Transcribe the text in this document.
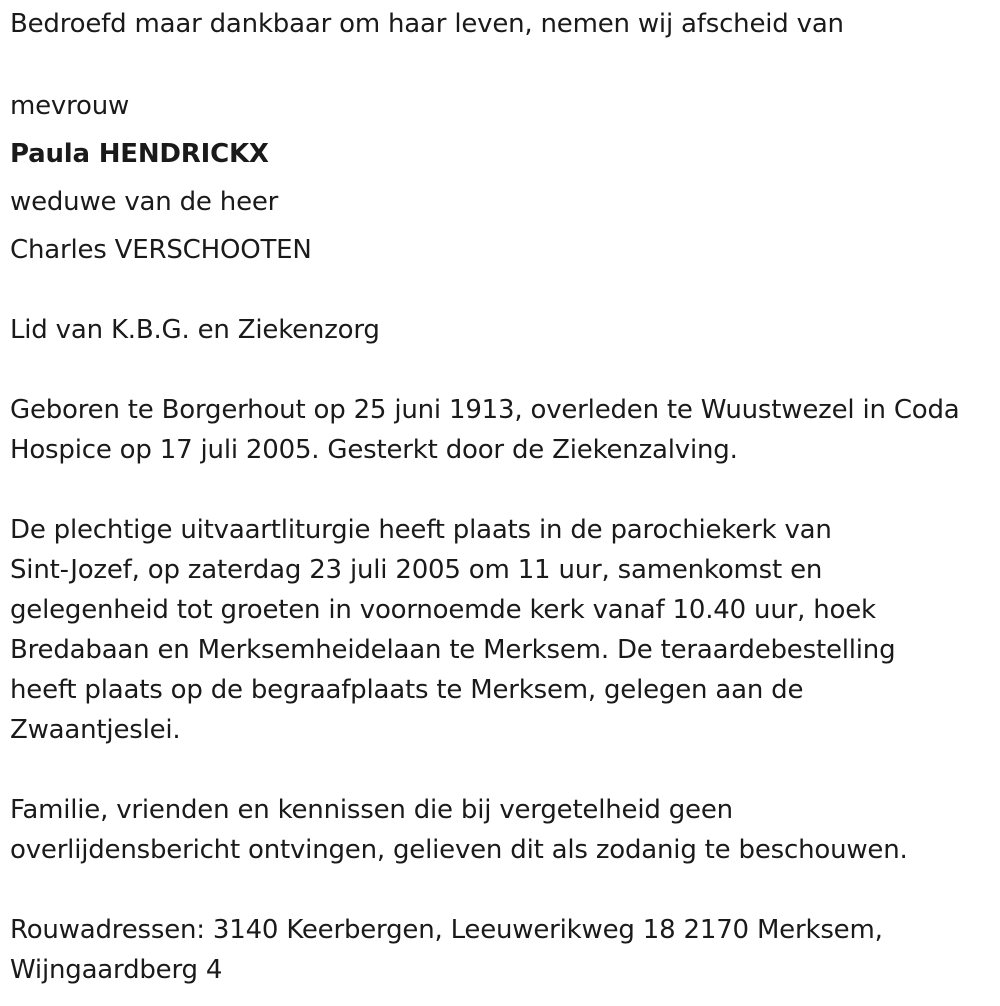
Bedroefd maar dankbaar om haar leven, nemen wij afscheid van
mevrouw
Paula HENDRICKX
weduwe van de heer
Charles VERSCHOOTEN
Lid van K.B.G. en Ziekenzorg
Geboren te Borgerhout op 25 juni 1913, overleden te Wuustwezel in Coda
Hospice op 17 juli 2005. Gesterkt door de Ziekenzalving.
De plechtige uitvaartliturgie heeft plaats in de parochiekerk van
Sint-Jozef, op zaterdag 23 juli 2005 om 11 uur, samenkomst en
gelegenheid tot groeten in voornoemde kerk vanaf 10.40 uur, hoek
Bredabaan en Merksemheidelaan te Merksem. De teraardebestelling
heeft plaats op de begraafplaats te Merksem, gelegen aan de
Zwaantjeslei.
Familie, vrienden en kennissen die bij vergetelheid geen
overlijdensbericht ontvingen, gelieven dit als zodanig te beschouwen.
Rouwadressen: 3140 Keerbergen, Leeuwerikweg 18 2170 Merksem,
Wijngaardberg 4
